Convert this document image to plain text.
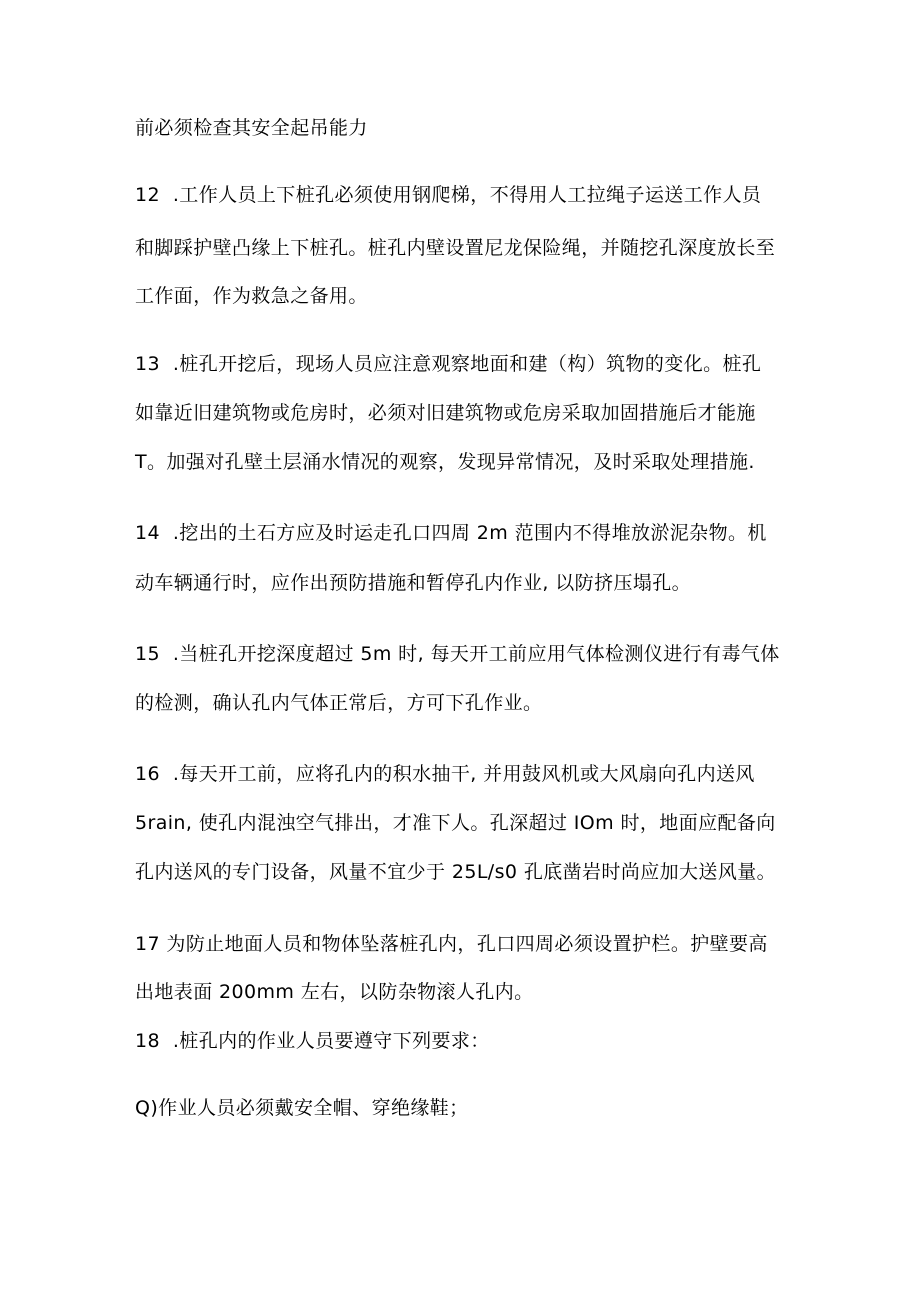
前必须检查其安全起吊能力

12  .工作人员上下桩孔必须使用钢爬梯，不得用人工拉绳子运送工作人员

和脚踩护壁凸缘上下桩孔。桩孔内壁设置尼龙保险绳，并随挖孔深度放长至

工作面，作为救急之备用。

13  .桩孔开挖后，现场人员应注意观察地面和建（构）筑物的变化。桩孔

如靠近旧建筑物或危房时，必须对旧建筑物或危房采取加固措施后才能施

T。加强对孔壁土层涌水情况的观察，发现异常情况，及时采取处理措施.

14  .挖出的土石方应及时运走孔口四周 2m 范围内不得堆放淤泥杂物。机

动车辆通行时，应作出预防措施和暂停孔内作业, 以防挤压塌孔。

15  .当桩孔开挖深度超过 5m 时, 每天开工前应用气体检测仪进行有毒气体

的检测，确认孔内气体正常后，方可下孔作业。

16  .每天开工前，应将孔内的积水抽干, 并用鼓风机或大风扇向孔内送风

5rain, 使孔内混浊空气排出，才准下人。孔深超过 IOm 时，地面应配备向

孔内送风的专门设备，风量不宜少于 25L∕s0 孔底凿岩时尚应加大送风量。

17 为防止地面人员和物体坠落桩孔内，孔口四周必须设置护栏。护壁要高

出地表面 200mm 左右，以防杂物滚人孔内。

18  .桩孔内的作业人员要遵守下列要求：

Q)作业人员必须戴安全帽、穿绝缘鞋；
